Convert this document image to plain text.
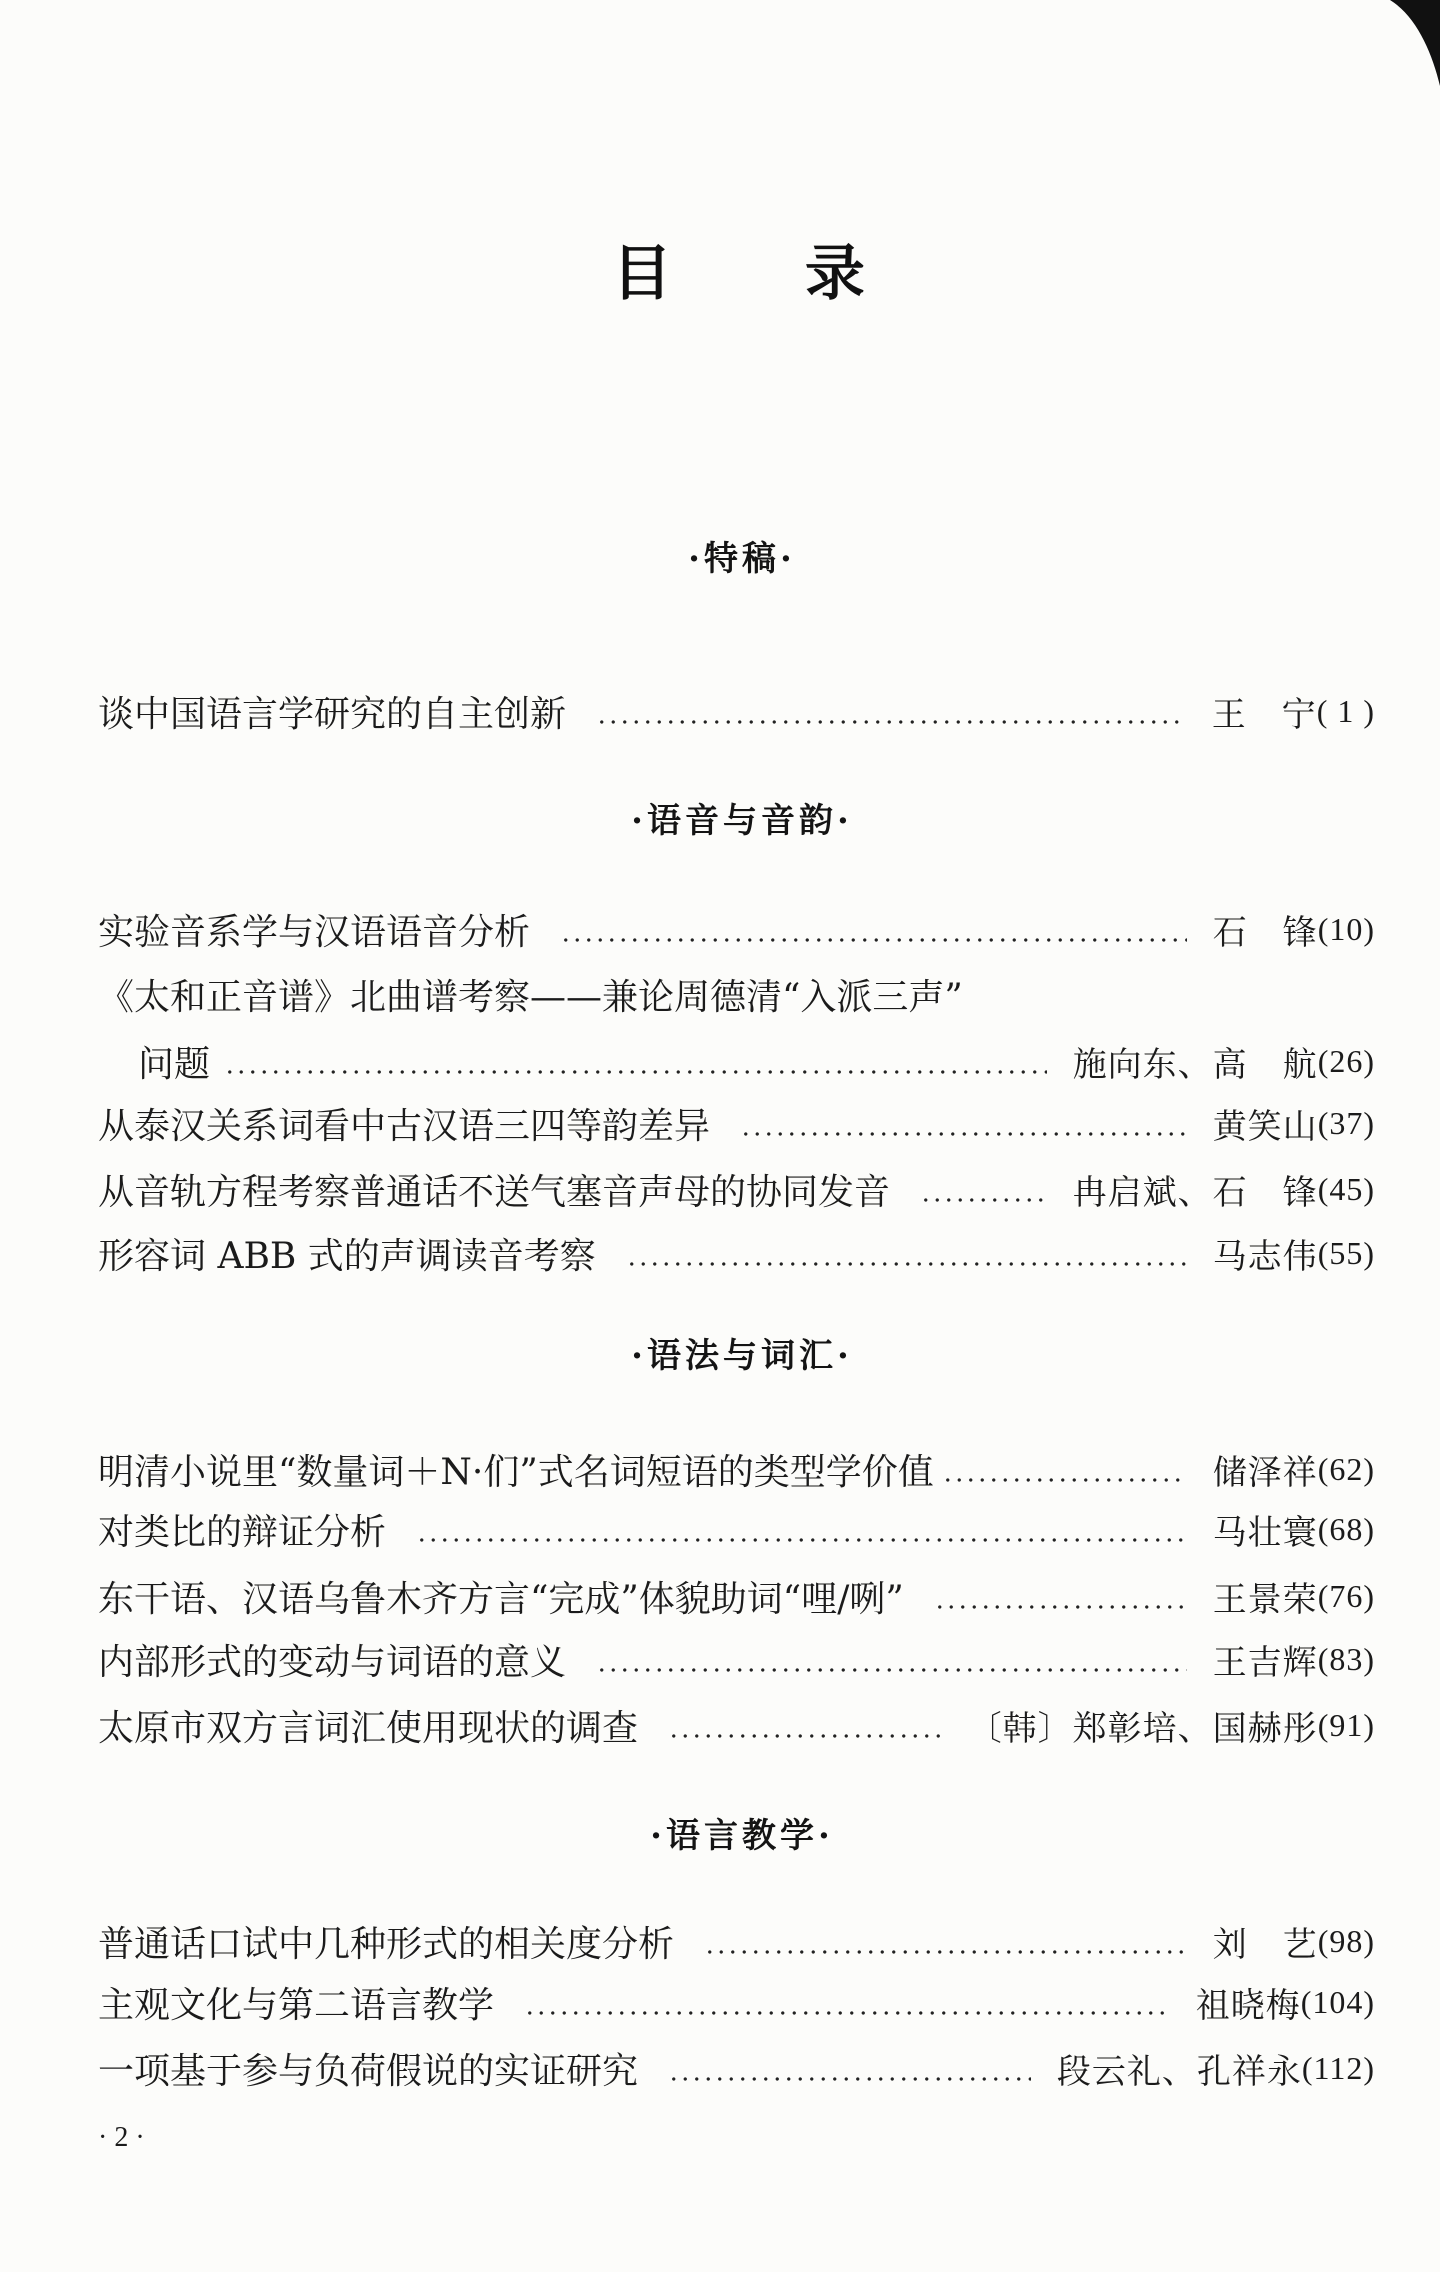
目 录
·特稿·
谈中国语言学研究的自主创新	王　宁 ( 1 )
·语音与音韵·
实验音系学与汉语语音分析	石　锋 (10)
《太和正音谱》北曲谱考察——兼论周德清“入派三声”
问题	施向东、高　航 (26)
从泰汉关系词看中古汉语三四等韵差异	黄笑山 (37)
从音轨方程考察普通话不送气塞音声母的协同发音	冉启斌、石　锋 (45)
形容词 ABB 式的声调读音考察	马志伟 (55)
·语法与词汇·
明清小说里“数量词＋N·们”式名词短语的类型学价值	储泽祥 (62)
对类比的辩证分析	马壮寰 (68)
东干语、汉语乌鲁木齐方言“完成”体貌助词“哩/咧”	王景荣 (76)
内部形式的变动与词语的意义	王吉辉 (83)
太原市双方言词汇使用现状的调查	〔韩〕郑彰培、国赫彤 (91)
·语言教学·
普通话口试中几种形式的相关度分析	刘　艺 (98)
主观文化与第二语言教学	祖晓梅 (104)
一项基于参与负荷假说的实证研究	段云礼、孔祥永 (112)
· 2 ·
